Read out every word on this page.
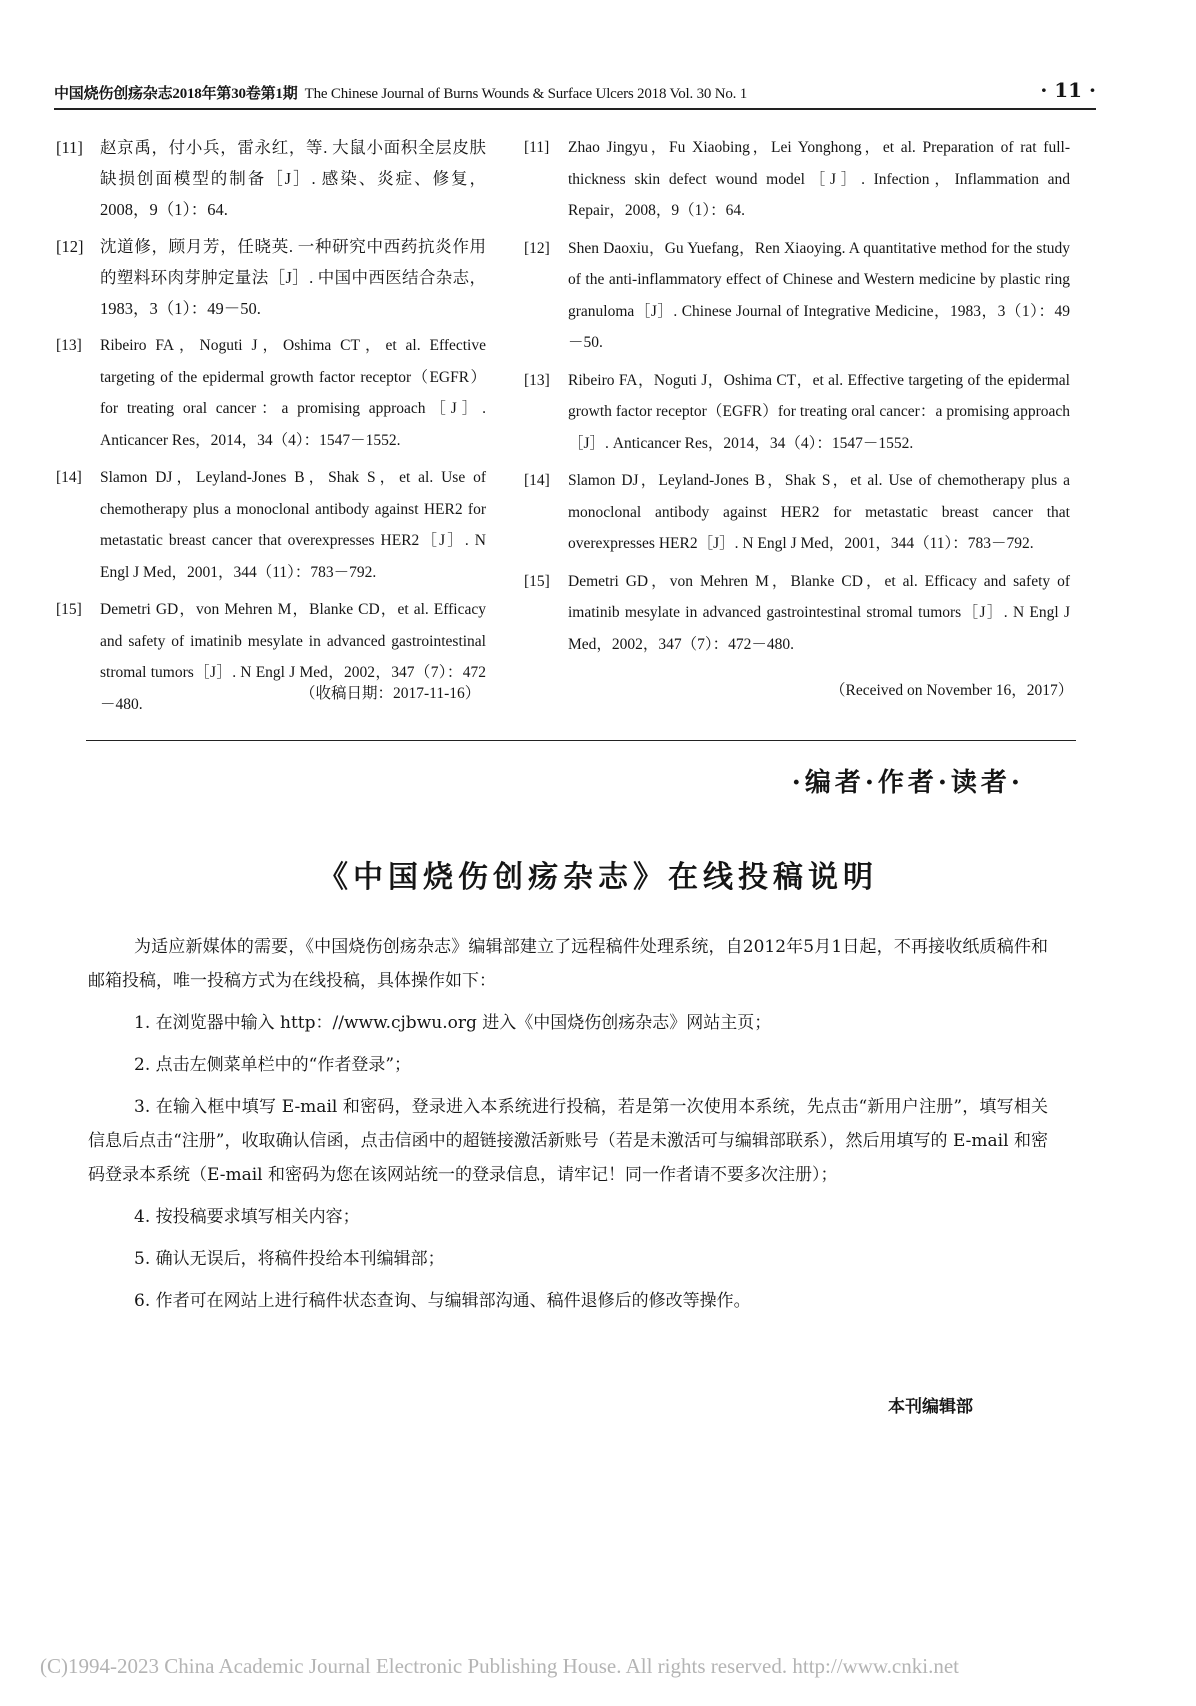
中国烧伤创疡杂志2018年第30卷第1期 The Chinese Journal of Burns Wounds & Surface Ulcers 2018 Vol. 30 No. 1	· 11 ·
[11] 赵京禹，付小兵，雷永红，等. 大鼠小面积全层皮肤缺损创面模型的制备［J］. 感染、炎症、修复，2008，9（1）：64.
[12] 沈道修，顾月芳，任晓英. 一种研究中西药抗炎作用的塑料环肉芽肿定量法［J］. 中国中西医结合杂志，1983，3（1）：49－50.
[13] Ribeiro FA，Noguti J，Oshima CT，et al. Effective targeting of the epidermal growth factor receptor（EGFR）for treating oral cancer：a promising approach［J］. Anticancer Res，2014，34（4）：1547－1552.
[14] Slamon DJ，Leyland-Jones B，Shak S，et al. Use of chemotherapy plus a monoclonal antibody against HER2 for metastatic breast cancer that overexpresses HER2［J］. N Engl J Med，2001，344（11）：783－792.
[15] Demetri GD，von Mehren M，Blanke CD，et al. Efficacy and safety of imatinib mesylate in advanced gastrointestinal stromal tumors［J］. N Engl J Med，2002，347（7）：472－480.
[11] Zhao Jingyu，Fu Xiaobing，Lei Yonghong，et al. Preparation of rat full-thickness skin defect wound model［J］. Infection，Inflammation and Repair，2008，9（1）：64.
[12] Shen Daoxiu，Gu Yuefang，Ren Xiaoying. A quantitative method for the study of the anti-inflammatory effect of Chinese and Western medicine by plastic ring granuloma［J］. Chinese Journal of Integrative Medicine，1983，3（1）：49－50.
[13] Ribeiro FA，Noguti J，Oshima CT，et al. Effective targeting of the epidermal growth factor receptor（EGFR）for treating oral cancer：a promising approach［J］. Anticancer Res，2014，34（4）：1547－1552.
[14] Slamon DJ，Leyland-Jones B，Shak S，et al. Use of chemotherapy plus a monoclonal antibody against HER2 for metastatic breast cancer that overexpresses HER2［J］. N Engl J Med，2001，344（11）：783－792.
[15] Demetri GD，von Mehren M，Blanke CD，et al. Efficacy and safety of imatinib mesylate in advanced gastrointestinal stromal tumors［J］. N Engl J Med，2002，347（7）：472－480.
（收稿日期：2017-11-16）	（Received on November 16，2017）
·编者·作者·读者·
《中国烧伤创疡杂志》在线投稿说明

为适应新媒体的需要，《中国烧伤创疡杂志》编辑部建立了远程稿件处理系统，自2012年5月1日起，不再接收纸质稿件和邮箱投稿，唯一投稿方式为在线投稿，具体操作如下：

1. 在浏览器中输入 http：//www.cjbwu.org 进入《中国烧伤创疡杂志》网站主页；

2. 点击左侧菜单栏中的“作者登录”；

3. 在输入框中填写 E-mail 和密码，登录进入本系统进行投稿，若是第一次使用本系统，先点击“新用户注册”，填写相关信息后点击“注册”，收取确认信函，点击信函中的超链接激活新账号（若是未激活可与编辑部联系），然后用填写的 E-mail 和密码登录本系统（E-mail 和密码为您在该网站统一的登录信息，请牢记！同一作者请不要多次注册）；

4. 按投稿要求填写相关内容；

5. 确认无误后，将稿件投给本刊编辑部；

6. 作者可在网站上进行稿件状态查询、与编辑部沟通、稿件退修后的修改等操作。

本刊编辑部
(C)1994-2023 China Academic Journal Electronic Publishing House. All rights reserved. http://www.cnki.net
